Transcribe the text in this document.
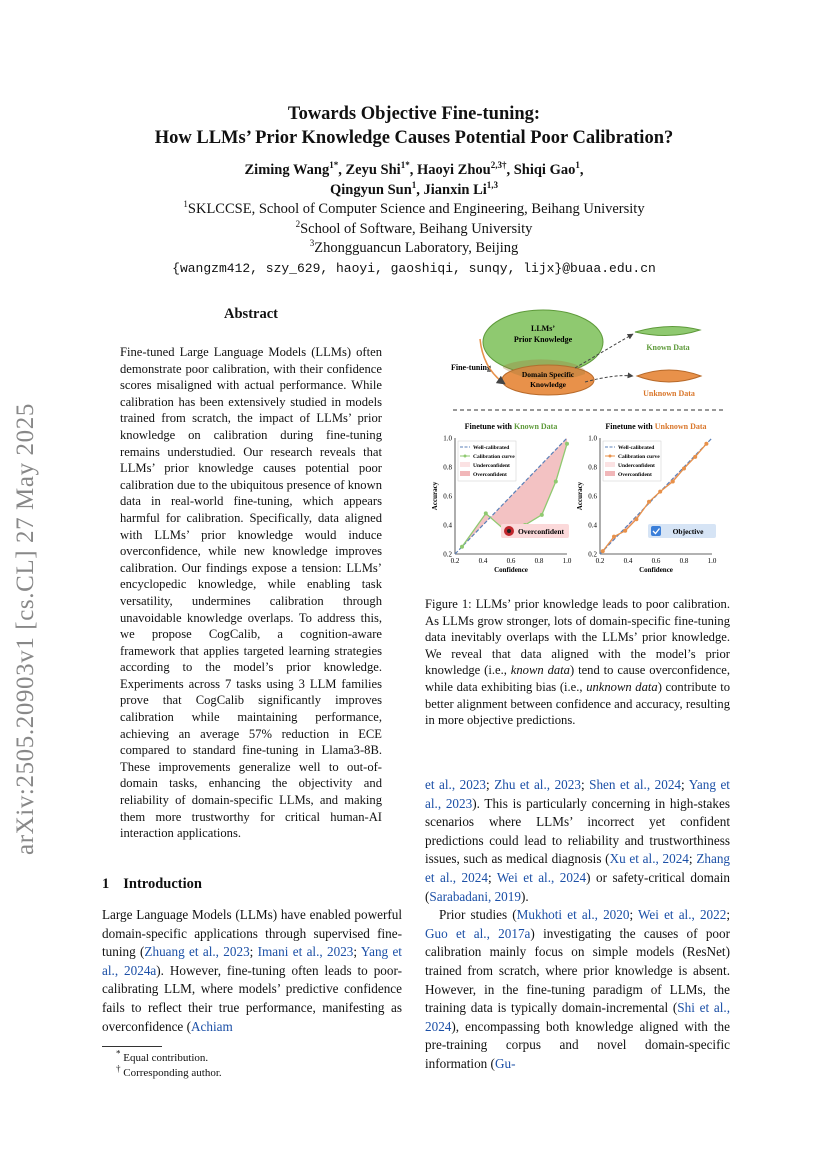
Towards Objective Fine-tuning:
How LLMs’ Prior Knowledge Causes Potential Poor Calibration?
Ziming Wang$^{1*}$, Zeyu Shi$^{1*}$, Haoyi Zhou$^{2,3\dagger}$, Shiqi Gao$^1$,
Qingyun Sun$^1$, Jianxin Li$^{1,3}$
$^1$SKLCCSE, School of Computer Science and Engineering, Beihang University
$^2$School of Software, Beihang University
$^3$Zhongguancun Laboratory, Beijing
{wangzm412, szy_629, haoyi, gaoshiqi, sunqy, lijx}@buaa.edu.cn
arXiv:2505.20903v1 [cs.CL] 27 May 2025
Abstract
Fine-tuned Large Language Models (LLMs) often demonstrate poor calibration, with their confidence scores misaligned with actual performance. While calibration has been extensively studied in models trained from scratch, the impact of LLMs’ prior knowledge on calibration during fine-tuning remains understudied. Our research reveals that LLMs’ prior knowledge causes potential poor calibration due to the ubiquitous presence of known data in real-world fine-tuning, which appears harmful for calibration. Specifically, data aligned with LLMs’ prior knowledge would induce overconfidence, while new knowledge improves calibration. Our findings expose a tension: LLMs’ encyclopedic knowledge, while enabling task versatility, undermines calibration through unavoidable knowledge overlaps. To address this, we propose CogCalib, a cognition-aware framework that applies targeted learning strategies according to the model’s prior knowledge. Experiments across 7 tasks using 3 LLM families prove that CogCalib significantly improves calibration while maintaining performance, achieving an average 57% reduction in ECE compared to standard fine-tuning in Llama3-8B. These improvements generalize well to out-of-domain tasks, enhancing the objectivity and reliability of domain-specific LLMs, and making them more trustworthy for critical human-AI interaction applications.
1 Introduction
Large Language Models (LLMs) have enabled powerful domain-specific applications through supervised fine-tuning (Zhuang et al., 2023; Imani et al., 2023; Yang et al., 2024a). However, fine-tuning often leads to poor-calibrating LLM, where models’ predictive confidence fails to reflect their true performance, manifesting as overconfidence (Achiam
* Equal contribution.
† Corresponding author.

et al., 2023; Zhu et al., 2023; Shen et al., 2024; Yang et al., 2023). This is particularly concerning in high-stakes scenarios where LLMs’ incorrect yet confident predictions could lead to reliability and trustworthiness issues, such as medical diagnosis (Xu et al., 2024; Zhang et al., 2024; Wei et al., 2024) or safety-critical domain (Sarabadani, 2019).

Prior studies (Mukhoti et al., 2020; Wei et al., 2022; Guo et al., 2017a) investigating the causes of poor calibration mainly focus on simple models (ResNet) trained from scratch, where prior knowledge is absent. However, in the fine-tuning paradigm of LLMs, the training data is typically domain-incremental (Shi et al., 2024), encompassing both knowledge aligned with the pre-training corpus and novel domain-specific information (Gu-

LLMs’
Prior Knowledge
Domain Specific
Knowledge
Fine-tuning
Known Data
Unknown Data
Finetune with Known Data
0.2	0.4	0.6	0.8	1.0
0.2
0.4
0.6
0.8
1.0
Confidence
Accuracy
Well-calibrated
Calibration curve
Underconfident
Overconfident
Overconfident
Finetune with Unknown Data
0.2	0.4	0.6	0.8	1.0
0.2
0.4
0.6
0.8
1.0
Confidence
Accuracy
Well-calibrated
Calibration curve
Underconfident
Overconfident
Objective
Figure 1: LLMs’ prior knowledge leads to poor calibration. As LLMs grow stronger, lots of domain-specific fine-tuning data inevitably overlaps with the LLMs’ prior knowledge. We reveal that data aligned with the model’s prior knowledge (i.e., known data) tend to cause overconfidence, while data exhibiting bias (i.e., unknown data) contribute to better alignment between confidence and accuracy, resulting in more objective predictions.
